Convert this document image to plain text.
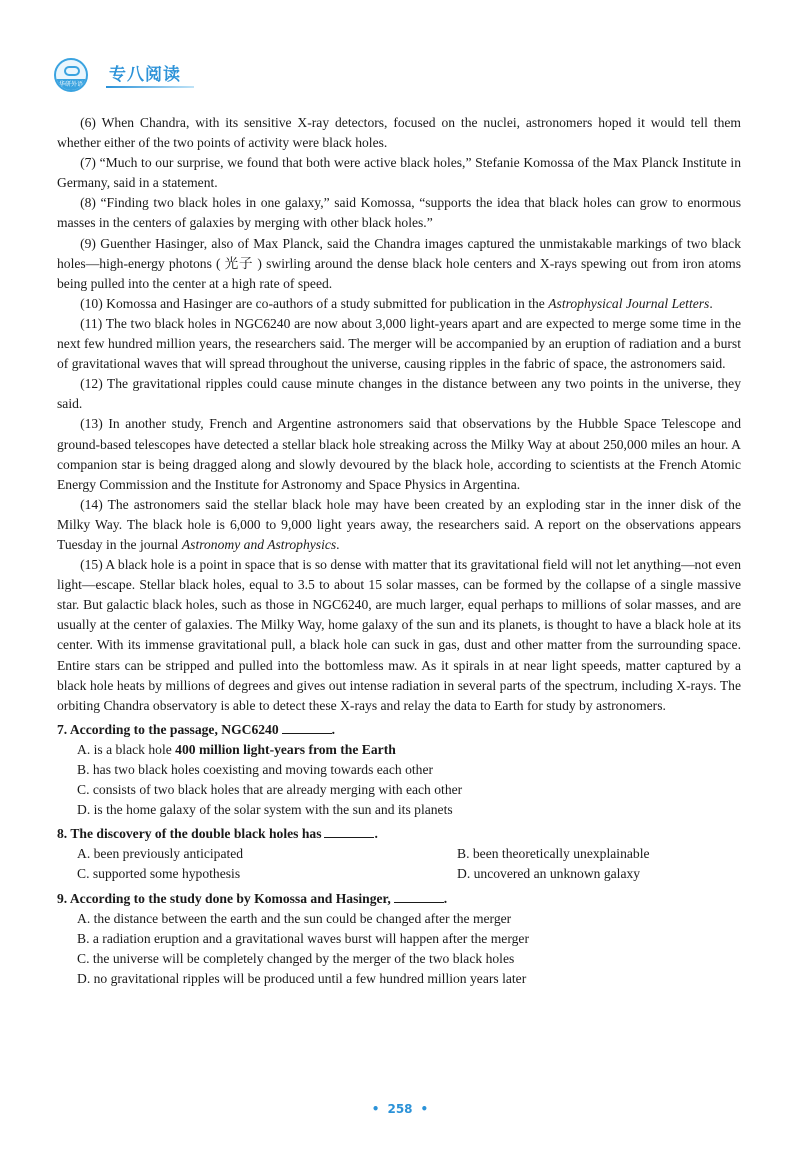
华研外语 专八阅读

(6) When Chandra, with its sensitive X-ray detectors, focused on the nuclei, astronomers hoped it would tell them whether either of the two points of activity were black holes.

(7) “Much to our surprise, we found that both were active black holes,” Stefanie Komossa of the Max Planck Institute in Germany, said in a statement.

(8) “Finding two black holes in one galaxy,” said Komossa, “supports the idea that black holes can grow to enormous masses in the centers of galaxies by merging with other black holes.”

(9) Guenther Hasinger, also of Max Planck, said the Chandra images captured the unmistakable markings of two black holes—high-energy photons ( 光子 ) swirling around the dense black hole centers and X-rays spewing out from iron atoms being pulled into the center at a high rate of speed.

(10) Komossa and Hasinger are co-authors of a study submitted for publication in the Astrophysical Journal Letters.

(11) The two black holes in NGC6240 are now about 3,000 light-years apart and are expected to merge some time in the next few hundred million years, the researchers said. The merger will be accompanied by an eruption of radiation and a burst of gravitational waves that will spread throughout the universe, causing ripples in the fabric of space, the astronomers said.

(12) The gravitational ripples could cause minute changes in the distance between any two points in the universe, they said.

(13) In another study, French and Argentine astronomers said that observations by the Hubble Space Telescope and ground-based telescopes have detected a stellar black hole streaking across the Milky Way at about 250,000 miles an hour. A companion star is being dragged along and slowly devoured by the black hole, according to scientists at the French Atomic Energy Commission and the Institute for Astronomy and Space Physics in Argentina.

(14) The astronomers said the stellar black hole may have been created by an exploding star in the inner disk of the Milky Way. The black hole is 6,000 to 9,000 light years away, the researchers said. A report on the observations appears Tuesday in the journal Astronomy and Astrophysics.

(15) A black hole is a point in space that is so dense with matter that its gravitational field will not let anything—not even light—escape. Stellar black holes, equal to 3.5 to about 15 solar masses, can be formed by the collapse of a single massive star. But galactic black holes, such as those in NGC6240, are much larger, equal perhaps to millions of solar masses, and are usually at the center of galaxies. The Milky Way, home galaxy of the sun and its planets, is thought to have a black hole at its center. With its immense gravitational pull, a black hole can suck in gas, dust and other matter from the surrounding space. Entire stars can be stripped and pulled into the bottomless maw. As it spirals in at near light speeds, matter captured by a black hole heats by millions of degrees and gives out intense radiation in several parts of the spectrum, including X-rays. The orbiting Chandra observatory is able to detect these X-rays and relay the data to Earth for study by astronomers.

7. According to the passage, NGC6240	.
A. is a black hole 400 million light-years from the Earth
B. has two black holes coexisting and moving towards each other
C. consists of two black holes that are already merging with each other
D. is the home galaxy of the solar system with the sun and its planets
8. The discovery of the double black holes has	.
A. been previously anticipated	B. been theoretically unexplainable
C. supported some hypothesis	D. uncovered an unknown galaxy
9. According to the study done by Komossa and Hasinger,	.
A. the distance between the earth and the sun could be changed after the merger
B. a radiation eruption and a gravitational waves burst will happen after the merger
C. the universe will be completely changed by the merger of the two black holes
D. no gravitational ripples will be produced until a few hundred million years later
• 258 •
